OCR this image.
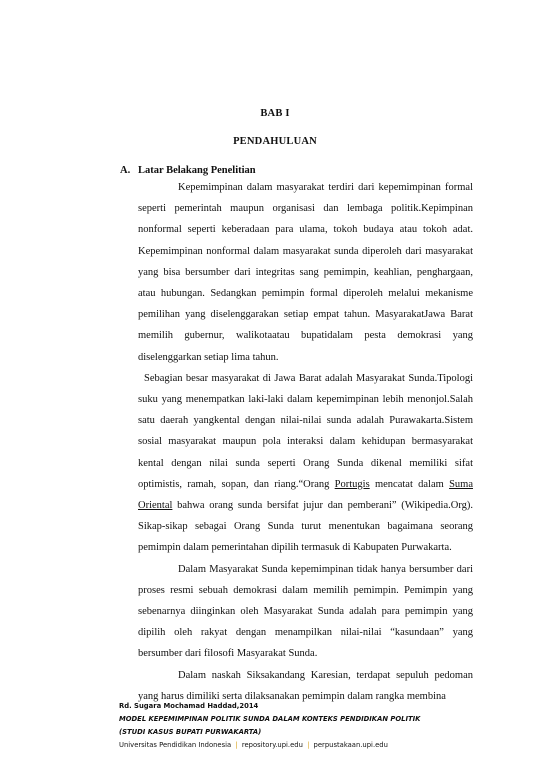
BAB I
PENDAHULUAN
A. Latar Belakang Penelitian

Kepemimpinan dalam masyarakat terdiri dari kepemimpinan formal seperti pemerintah maupun organisasi dan lembaga politik.Kepimpinan nonformal seperti keberadaan para ulama, tokoh budaya atau tokoh adat. Kepemimpinan nonformal dalam masyarakat sunda diperoleh dari masyarakat yang bisa bersumber dari integritas sang pemimpin, keahlian, penghargaan, atau hubungan. Sedangkan pemimpin formal diperoleh melalui mekanisme pemilihan yang diselenggarakan setiap empat tahun. MasyarakatJawa Barat memilih gubernur, walikotaatau bupatidalam pesta demokrasi yang diselenggarkan setiap lima tahun.

Sebagian besar masyarakat di Jawa Barat adalah Masyarakat Sunda.Tipologi suku yang menempatkan laki-laki dalam kepemimpinan lebih menonjol.Salah satu daerah yangkental dengan nilai-nilai sunda adalah Purawakarta.Sistem sosial masyarakat maupun pola interaksi dalam kehidupan bermasyarakat kental dengan nilai sunda seperti Orang Sunda dikenal memiliki sifat optimistis, ramah, sopan, dan riang.“Orang Portugis mencatat dalam Suma Oriental bahwa orang sunda bersifat jujur dan pemberani” (Wikipedia.Org). Sikap-sikap sebagai Orang Sunda turut menentukan bagaimana seorang pemimpin dalam pemerintahan dipilih termasuk di Kabupaten Purwakarta.

Dalam Masyarakat Sunda kepemimpinan tidak hanya bersumber dari proses resmi sebuah demokrasi dalam memilih pemimpin. Pemimpin yang sebenarnya diinginkan oleh Masyarakat Sunda adalah para pemimpin yang dipilih oleh rakyat dengan menampilkan nilai-nilai “kasundaan” yang bersumber dari filosofi Masyarakat Sunda.

Dalam naskah Siksakandang Karesian, terdapat sepuluh pedoman yang harus dimiliki serta dilaksanakan pemimpin dalam rangka membina

Rd. Sugara Mochamad Haddad,2014
MODEL KEPEMIMPINAN POLITIK SUNDA DALAM KONTEKS PENDIDIKAN POLITIK
(STUDI KASUS BUPATI PURWAKARTA)
Universitas Pendidikan Indonesia | repository.upi.edu | perpustakaan.upi.edu
